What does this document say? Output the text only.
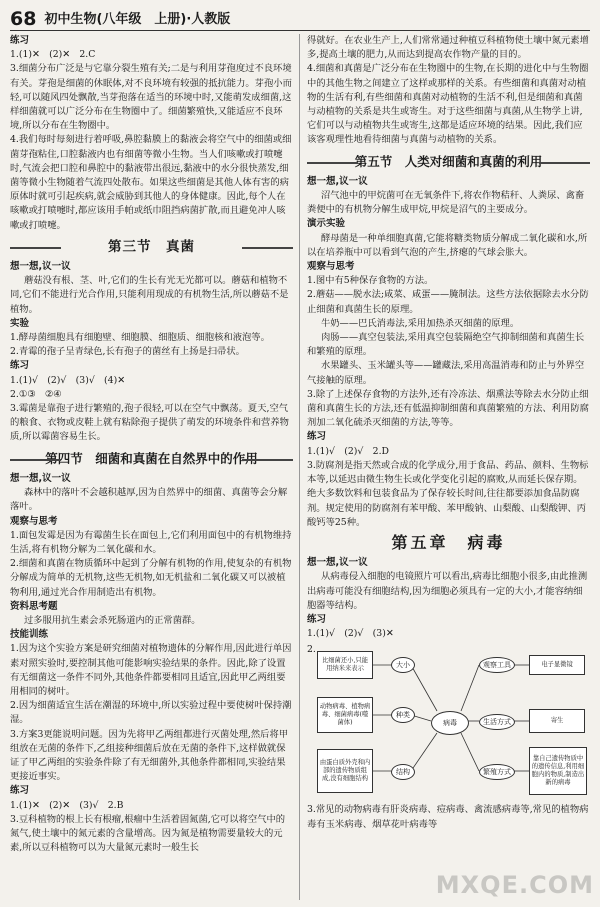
68 初中生物(八年级　上册)·人教版
练习

1.(1)✕　(2)✕　2.C

3.细菌分布广泛是与它靠分裂生殖有关;二是与利用芽孢度过不良环境有关。芽孢是细菌的休眠体,对不良环境有较强的抵抗能力。芽孢小而轻,可以随风四处飘散,当芽孢落在适当的环境中时,又能萌发成细菌,这样细菌就可以广泛分布在生物圈中了。细菌繁殖快,又能适应不良环境,所以分布在生物圈中。

4.我们每时每刻进行着呼吸,鼻腔黏膜上的黏液会将空气中的细菌或细菌芽孢粘住,口腔黏液内也有细菌等微小生物。当人们咳嗽或打喷嚏时,气流会把口腔和鼻腔中的黏液带出很远,黏液中的水分很快蒸发,细菌等微小生物随着气流四处散布。如果这些细菌是其他人体有害的病原体时就可引起疾病,就会威胁到其他人的身体健康。因此,每个人在咳嗽或打喷嚏时,都应该用手帕或纸巾阻挡病菌扩散,而且避免冲人咳嗽或打喷嚏。

第三节　真菌
想一想,议一议

蘑菇没有根、茎、叶,它们的生长有光无光都可以。蘑菇和植物不同,它们不能进行光合作用,只能利用现成的有机物生活,所以蘑菇不是植物。

实验

1.酵母菌细胞具有细胞壁、细胞膜、细胞质、细胞核和液泡等。

2.青霉的孢子呈青绿色,长有孢子的菌丝有上扬是扫帚状。

练习

1.(1)√　(2)√　(3)√　(4)✕

2.①③　②④

3.霉菌是靠孢子进行繁殖的,孢子很轻,可以在空气中飘荡。夏天,空气的粮食、衣物或皮鞋上就有粘除孢子提供了萌发的环境条件和营养物质,所以霉菌容易生长。

第四节　细菌和真菌在自然界中的作用
想一想,议一议

森林中的落叶不会越积越厚,因为自然界中的细菌、真菌等会分解落叶。

观察与思考

1.面包发霉是因为有霉菌生长在面包上,它们利用面包中的有机物维持生活,将有机物分解为二氧化碳和水。

2.细菌和真菌在物质循环中起到了分解有机物的作用,使复杂的有机物分解成为简单的无机物,这些无机物,如无机盐和二氧化碳又可以被植物利用,通过光合作用制造出有机物。

资料思考题

过多服用抗生素会杀死肠道内的正常菌群。

技能训练

1.因为这个实验方案是研究细菌对植物遗体的分解作用,因此进行单因素对照实验时,要控制其他可能影响实验结果的条件。因此,除了设置有无细菌这一条件不同外,其他条件都要相同且适宜,因此甲乙两组要用相同的树叶。

2.因为细菌适宜生活在潮湿的环境中,所以实验过程中要使树叶保持潮湿。

3.方案3更能说明问题。因为先将甲乙两组都进行灭菌处理,然后将甲组放在无菌的条件下,乙组接种细菌后放在无菌的条件下,这样做就保证了甲乙两组的实验条件除了有无细菌外,其他条件都相同,实验结果更接近事实。

练习

1.(1)✕　(2)✕　(3)√　2.B

3.豆科植物的根上长有根瘤,根瘤中生活着固氮菌,它可以将空气中的氮气,使土壤中的氮元素的含量增高。因为氮是植物需要量较大的元素,所以豆科植物可以为大量氮元素时一般生长

得就好。在农业生产上,人们常常通过种植豆科植物使土壤中氮元素增多,提高土壤的肥力,从而达到提高农作物产量的目的。

4.细菌和真菌是广泛分布在生物圈中的生物,在长期的进化中与生物圈中的其他生物之间建立了这样或那样的关系。有些细菌和真菌对动植物的生活有利,有些细菌和真菌对动植物的生活不利,但是细菌和真菌与动植物的关系是共生或寄生。对于这些细菌与真菌,从生物学上讲,它们可以与动植物共生或寄生,这都是适应环境的结果。因此,我们应该客观理性地看待细菌与真菌与动植物的关系。

第五节　人类对细菌和真菌的利用
想一想,议一议

沼气池中的甲烷菌可在无氧条件下,将农作物秸秆、人粪尿、禽畜粪便中的有机物分解生成甲烷,甲烷是沼气的主要成分。

演示实验

酵母菌是一种单细胞真菌,它能将糖类物质分解成二氧化碳和水,所以在培养瓶中可以看到气泡的产生,挤瘪的气球会胀大。

观察与思考

1.图中有5种保存食物的方法。

2.蘑菇——脱水法;咸菜、咸蛋——腌制法。这些方法依据除去水分防止细菌和真菌生长的原理。

牛奶——巴氏消毒法,采用加热杀灭细菌的原理。

肉肠——真空包装法,采用真空包装隔绝空气抑制细菌和真菌生长和繁殖的原理。

水果罐头、玉米罐头等——罐藏法,采用高温消毒和防止与外界空气接触的原理。

3.除了上述保存食物的方法外,还有冷冻法、烟熏法等除去水分防止细菌和真菌生长的方法,还有低温抑制细菌和真菌繁殖的方法、利用防腐剂加二氧化硫杀灭细菌的方法,等等。

练习

1.(1)√　(2)√　2.D

3.防腐剂是指天然或合成的化学成分,用于食品、药品、颜料、生物标本等,以延迟由微生物生长或化学变化引起的腐败,从而延长保存期。绝大多数饮料和包装食品为了保存较长时间,往往都要添加食品防腐剂。规定使用的防腐剂有苯甲酸、苯甲酸钠、山梨酸、山梨酸钾、丙酸钙等25种。

第五章　病毒
想一想,议一议

从病毒侵入细胞的电镜照片可以看出,病毒比细胞小很多,由此推测出病毒可能没有细胞结构,因为细胞必须具有一定的大小,才能容纳细胞器等结构。

练习

1.(1)√　(2)√　(3)✕

2.
比细菌还小,只能用纳米来表示	大小	观察工具	电子显微镜
动物病毒、植物病毒、细菌病毒(噬菌体)
种类
病毒	生活方式	寄生
由蛋白质外壳和内部的遗传物质组成,没有细胞结构
结构	繁殖方式
靠自己遗传物质中的遗传信息,利用细胞内的物质,制造出新的病毒

3.常见的动物病毒有肝炎病毒、痘病毒、禽流感病毒等,常见的植物病毒有玉米病毒、烟草花叶病毒等

MXQE.COM
